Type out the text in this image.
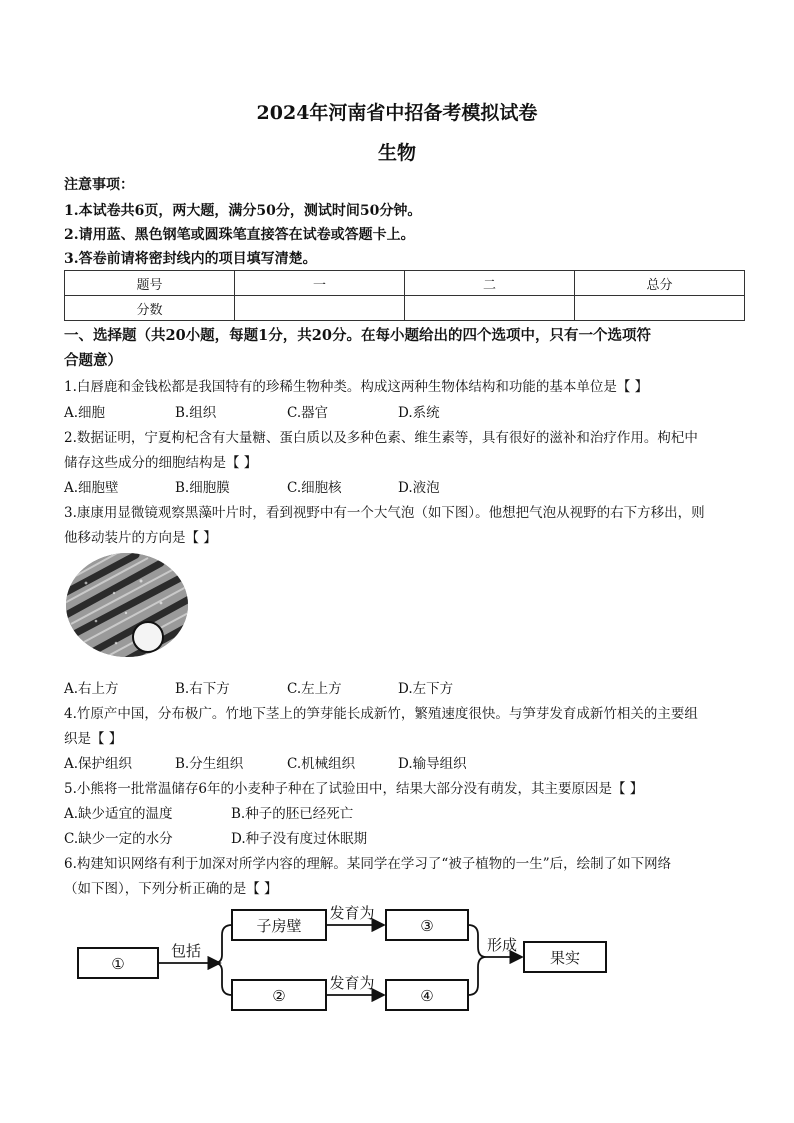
2024年河南省中招备考模拟试卷
生物
注意事项：
1.本试卷共6页，两大题，满分50分，测试时间50分钟。
2.请用蓝、黑色钢笔或圆珠笔直接答在试卷或答题卡上。
3.答卷前请将密封线内的项目填写清楚。
题号	一	二	总分
分数			
一、选择题（共20小题，每题1分，共20分。在每小题给出的四个选项中，只有一个选项符
合题意）
1.白唇鹿和金钱松都是我国特有的珍稀生物种类。构成这两种生物体结构和功能的基本单位是【 】
A.细胞	B.组织	C.器官	D.系统
2.数据证明，宁夏枸杞含有大量糖、蛋白质以及多种色素、维生素等，具有很好的滋补和治疗作用。枸杞中
储存这些成分的细胞结构是【 】
A.细胞壁	B.细胞膜	C.细胞核	D.液泡
3.康康用显微镜观察黑藻叶片时，看到视野中有一个大气泡（如下图）。他想把气泡从视野的右下方移出，则
他移动装片的方向是【 】
A.右上方	B.右下方	C.左上方	D.左下方
4.竹原产中国，分布极广。竹地下茎上的笋芽能长成新竹，繁殖速度很快。与笋芽发育成新竹相关的主要组
织是【 】
A.保护组织	B.分生组织	C.机械组织	D.输导组织
5.小熊将一批常温储存6年的小麦种子种在了试验田中，结果大部分没有萌发，其主要原因是【 】
A.缺少适宜的温度	B.种子的胚已经死亡
C.缺少一定的水分	D.种子没有度过休眠期
6.构建知识网络有利于加深对所学内容的理解。某同学在学习了“被子植物的一生”后，绘制了如下网络
（如下图），下列分析正确的是【 】
①
包括
子房壁
②
发育为
发育为
③
④
形成
果实
